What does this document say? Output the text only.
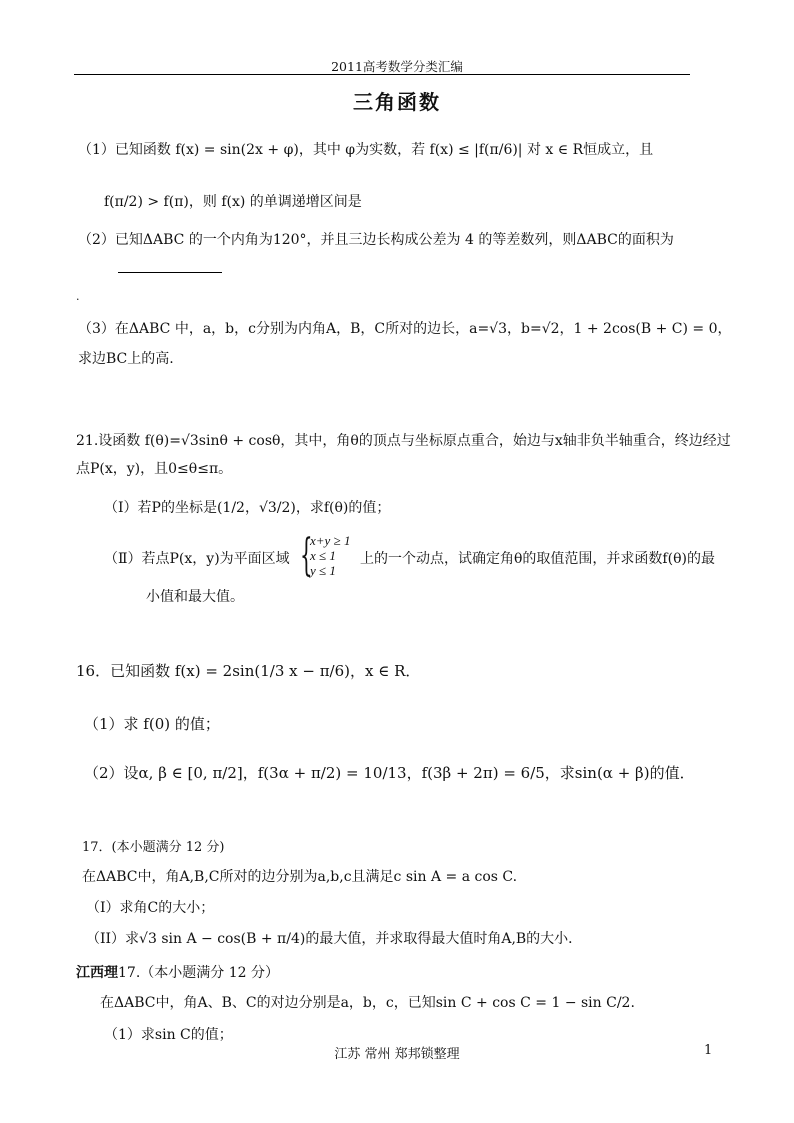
2011高考数学分类汇编
三角函数
（1）已知函数 f(x) = sin(2x + φ)，其中 φ为实数，若 f(x) ≤ |f(π/6)| 对 x ∈ R恒成立，且
f(π/2) > f(π)，则 f(x) 的单调递增区间是
（2）已知ΔABC 的一个内角为120°，并且三边长构成公差为 4 的等差数列，则ΔABC的面积为
.
（3）在ΔABC 中，a，b，c分别为内角A，B，C所对的边长，a=√3，b=√2，1 + 2cos(B + C) = 0，
求边BC上的高.
21.设函数 f(θ)=√3sinθ + cosθ，其中，角θ的顶点与坐标原点重合，始边与x轴非负半轴重合，终边经过
点P(x，y)，且0≤θ≤π。
（Ⅰ）若P的坐标是(1/2，√3/2)，求f(θ)的值；
（Ⅱ）若点P(x，y)为平面区域 {
x+y ≥ 1
x ≤ 1
y ≤ 1
上的一个动点，试确定角θ的取值范围，并求函数f(θ)的最
小值和最大值。
16．已知函数 f(x) = 2sin(1/3 x − π/6)，x ∈ R．
（1）求 f(0) 的值；
（2）设α, β ∈ [0, π/2]，f(3α + π/2) = 10/13，f(3β + 2π) = 6/5，求sin(α + β)的值．
17．(本小题满分 12 分)
在ΔABC中，角A,B,C所对的边分别为a,b,c且满足c sin A = a cos C.
（I）求角C的大小；
（II）求√3 sin A − cos(B + π/4)的最大值，并求取得最大值时角A,B的大小．
江西理17.（本小题满分 12 分）
在ΔABC中，角A、B、C的对边分别是a，b，c，已知sin C + cos C = 1 − sin C/2.
（1）求sin C的值；
江苏 常州 郑邦锁整理	1
